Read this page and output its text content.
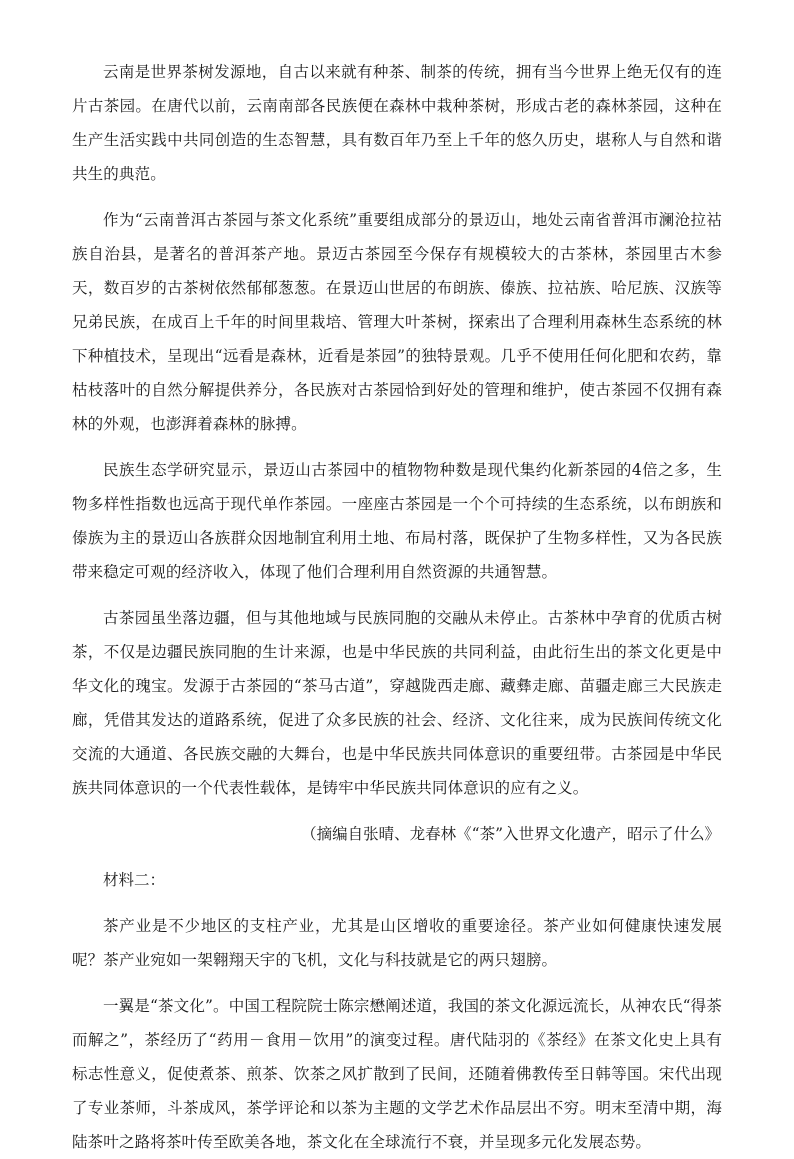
云南是世界茶树发源地，自古以来就有种茶、制茶的传统，拥有当今世界上绝无仅有的连片古茶园。在唐代以前，云南南部各民族便在森林中栽种茶树，形成古老的森林茶园，这种在生产生活实践中共同创造的生态智慧，具有数百年乃至上千年的悠久历史，堪称人与自然和谐共生的典范。

作为“云南普洱古茶园与茶文化系统”重要组成部分的景迈山，地处云南省普洱市澜沧拉祜族自治县，是著名的普洱茶产地。景迈古茶园至今保存有规模较大的古茶林，茶园里古木参天，数百岁的古茶树依然郁郁葱葱。在景迈山世居的布朗族、傣族、拉祜族、哈尼族、汉族等兄弟民族，在成百上千年的时间里栽培、管理大叶茶树，探索出了合理利用森林生态系统的林下种植技术，呈现出“远看是森林，近看是茶园”的独特景观。几乎不使用任何化肥和农药，靠枯枝落叶的自然分解提供养分，各民族对古茶园恰到好处的管理和维护，使古茶园不仅拥有森林的外观，也澎湃着森林的脉搏。

民族生态学研究显示，景迈山古茶园中的植物物种数是现代集约化新茶园的4倍之多，生物多样性指数也远高于现代单作茶园。一座座古茶园是一个个可持续的生态系统，以布朗族和傣族为主的景迈山各族群众因地制宜利用土地、布局村落，既保护了生物多样性，又为各民族带来稳定可观的经济收入，体现了他们合理利用自然资源的共通智慧。

古茶园虽坐落边疆，但与其他地域与民族同胞的交融从未停止。古茶林中孕育的优质古树茶，不仅是边疆民族同胞的生计来源，也是中华民族的共同利益，由此衍生出的茶文化更是中华文化的瑰宝。发源于古茶园的“茶马古道”，穿越陇西走廊、藏彝走廊、苗疆走廊三大民族走廊，凭借其发达的道路系统，促进了众多民族的社会、经济、文化往来，成为民族间传统文化交流的大通道、各民族交融的大舞台，也是中华民族共同体意识的重要纽带。古茶园是中华民族共同体意识的一个代表性载体，是铸牢中华民族共同体意识的应有之义。

（摘编自张晴、龙春林《“茶”入世界文化遗产，昭示了什么》

材料二：

茶产业是不少地区的支柱产业，尤其是山区增收的重要途径。茶产业如何健康快速发展呢？茶产业宛如一架翱翔天宇的飞机，文化与科技就是它的两只翅膀。

一翼是“茶文化”。中国工程院院士陈宗懋阐述道，我国的茶文化源远流长，从神农氏“得茶而解之”，茶经历了“药用－食用－饮用”的演变过程。唐代陆羽的《茶经》在茶文化史上具有标志性意义，促使煮茶、煎茶、饮茶之风扩散到了民间，还随着佛教传至日韩等国。宋代出现了专业茶师，斗茶成风，茶学评论和以茶为主题的文学艺术作品层出不穷。明末至清中期，海陆茶叶之路将茶叶传至欧美各地，茶文化在全球流行不衰，并呈现多元化发展态势。
